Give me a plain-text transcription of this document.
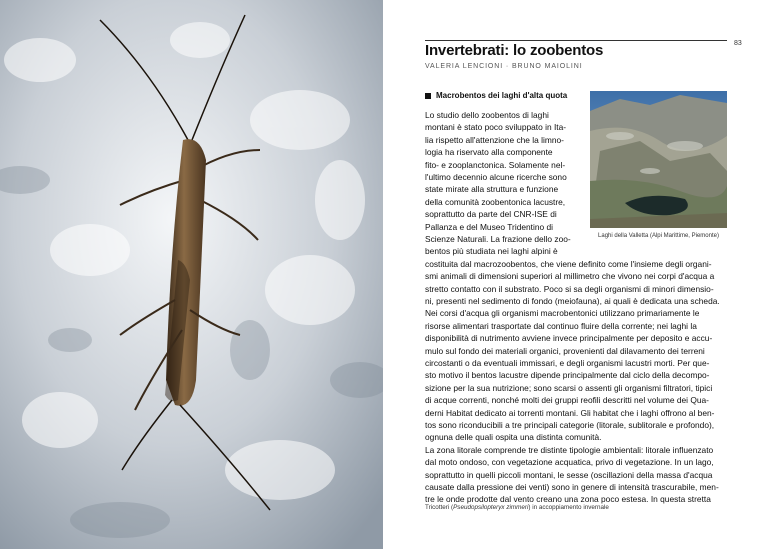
83
Invertebrati: lo zoobentos
VALERIA LENCIONI · BRUNO MAIOLINI
Macrobentos dei laghi d'alta quota
Laghi della Valletta (Alpi Marittime, Piemonte)
Lo studio dello zoobentos di laghi
montani è stato poco sviluppato in Ita-
lia rispetto all'attenzione che la limno-
logia ha riservato alla componente
fito- e zooplanctonica. Solamente nel-
l'ultimo decennio alcune ricerche sono
state mirate alla struttura e funzione
della comunità zoobentonica lacustre,
soprattutto da parte del CNR-ISE di
Pallanza e del Museo Tridentino di
Scienze Naturali. La frazione dello zoo-
bentos più studiata nei laghi alpini è
costituita dal macrozoobentos, che viene definito come l'insieme degli organi-
smi animali di dimensioni superiori al millimetro che vivono nei corpi d'acqua a
stretto contatto con il substrato. Poco si sa degli organismi di minori dimensio-
ni, presenti nel sedimento di fondo (meiofauna), ai quali è dedicata una scheda.
Nei corsi d'acqua gli organismi macrobentonici utilizzano primariamente le
risorse alimentari trasportate dal continuo fluire della corrente; nei laghi la
disponibilità di nutrimento avviene invece principalmente per deposito e accu-
mulo sul fondo dei materiali organici, provenienti dal dilavamento dei terreni
circostanti o da eventuali immissari, e degli organismi lacustri morti. Per que-
sto motivo il bentos lacustre dipende principalmente dal ciclo della decompo-
sizione per la sua nutrizione; sono scarsi o assenti gli organismi filtratori, tipici
di acque correnti, nonché molti dei gruppi reofili descritti nel volume dei Qua-
derni Habitat dedicato ai torrenti montani. Gli habitat che i laghi offrono al ben-
tos sono riconducibili a tre principali categorie (litorale, sublitorale e profondo),
ognuna delle quali ospita una distinta comunità.
La zona litorale comprende tre distinte tipologie ambientali: litorale influenzato
dal moto ondoso, con vegetazione acquatica, privo di vegetazione. In un lago,
soprattutto in quelli piccoli montani, le sesse (oscillazioni della massa d'acqua
causate dalla pressione dei venti) sono in genere di intensità trascurabile, men-
tre le onde prodotte dal vento creano una zona poco estesa. In questa stretta
Tricotteri (Pseudopsilopteryx zimmeri) in accoppiamento invernale
